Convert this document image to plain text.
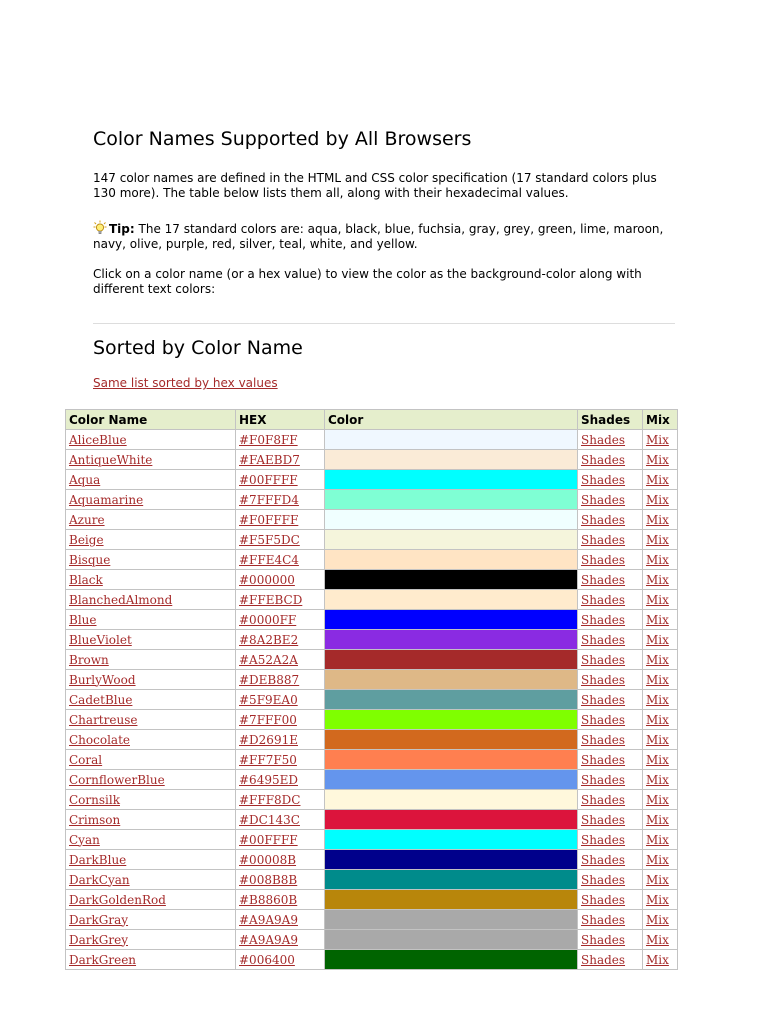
Color Names Supported by All Browsers

147 color names are defined in the HTML and CSS color specification (17 standard colors plus 130 more). The table below lists them all, along with their hexadecimal values.

Tip: The 17 standard colors are: aqua, black, blue, fuchsia, gray, grey, green, lime, maroon, navy, olive, purple, red, silver, teal, white, and yellow.

Click on a color name (or a hex value) to view the color as the background-color along with different text colors:

Sorted by Color Name
Same list sorted by hex values
Color Name	HEX	Color	Shades	Mix
AliceBlue	#F0F8FF		Shades	Mix
AntiqueWhite	#FAEBD7		Shades	Mix
Aqua	#00FFFF		Shades	Mix
Aquamarine	#7FFFD4		Shades	Mix
Azure	#F0FFFF		Shades	Mix
Beige	#F5F5DC		Shades	Mix
Bisque	#FFE4C4		Shades	Mix
Black	#000000		Shades	Mix
BlanchedAlmond	#FFEBCD		Shades	Mix
Blue	#0000FF		Shades	Mix
BlueViolet	#8A2BE2		Shades	Mix
Brown	#A52A2A		Shades	Mix
BurlyWood	#DEB887		Shades	Mix
CadetBlue	#5F9EA0		Shades	Mix
Chartreuse	#7FFF00		Shades	Mix
Chocolate	#D2691E		Shades	Mix
Coral	#FF7F50		Shades	Mix
CornflowerBlue	#6495ED		Shades	Mix
Cornsilk	#FFF8DC		Shades	Mix
Crimson	#DC143C		Shades	Mix
Cyan	#00FFFF		Shades	Mix
DarkBlue	#00008B		Shades	Mix
DarkCyan	#008B8B		Shades	Mix
DarkGoldenRod	#B8860B		Shades	Mix
DarkGray	#A9A9A9		Shades	Mix
DarkGrey	#A9A9A9		Shades	Mix
DarkGreen	#006400		Shades	Mix
